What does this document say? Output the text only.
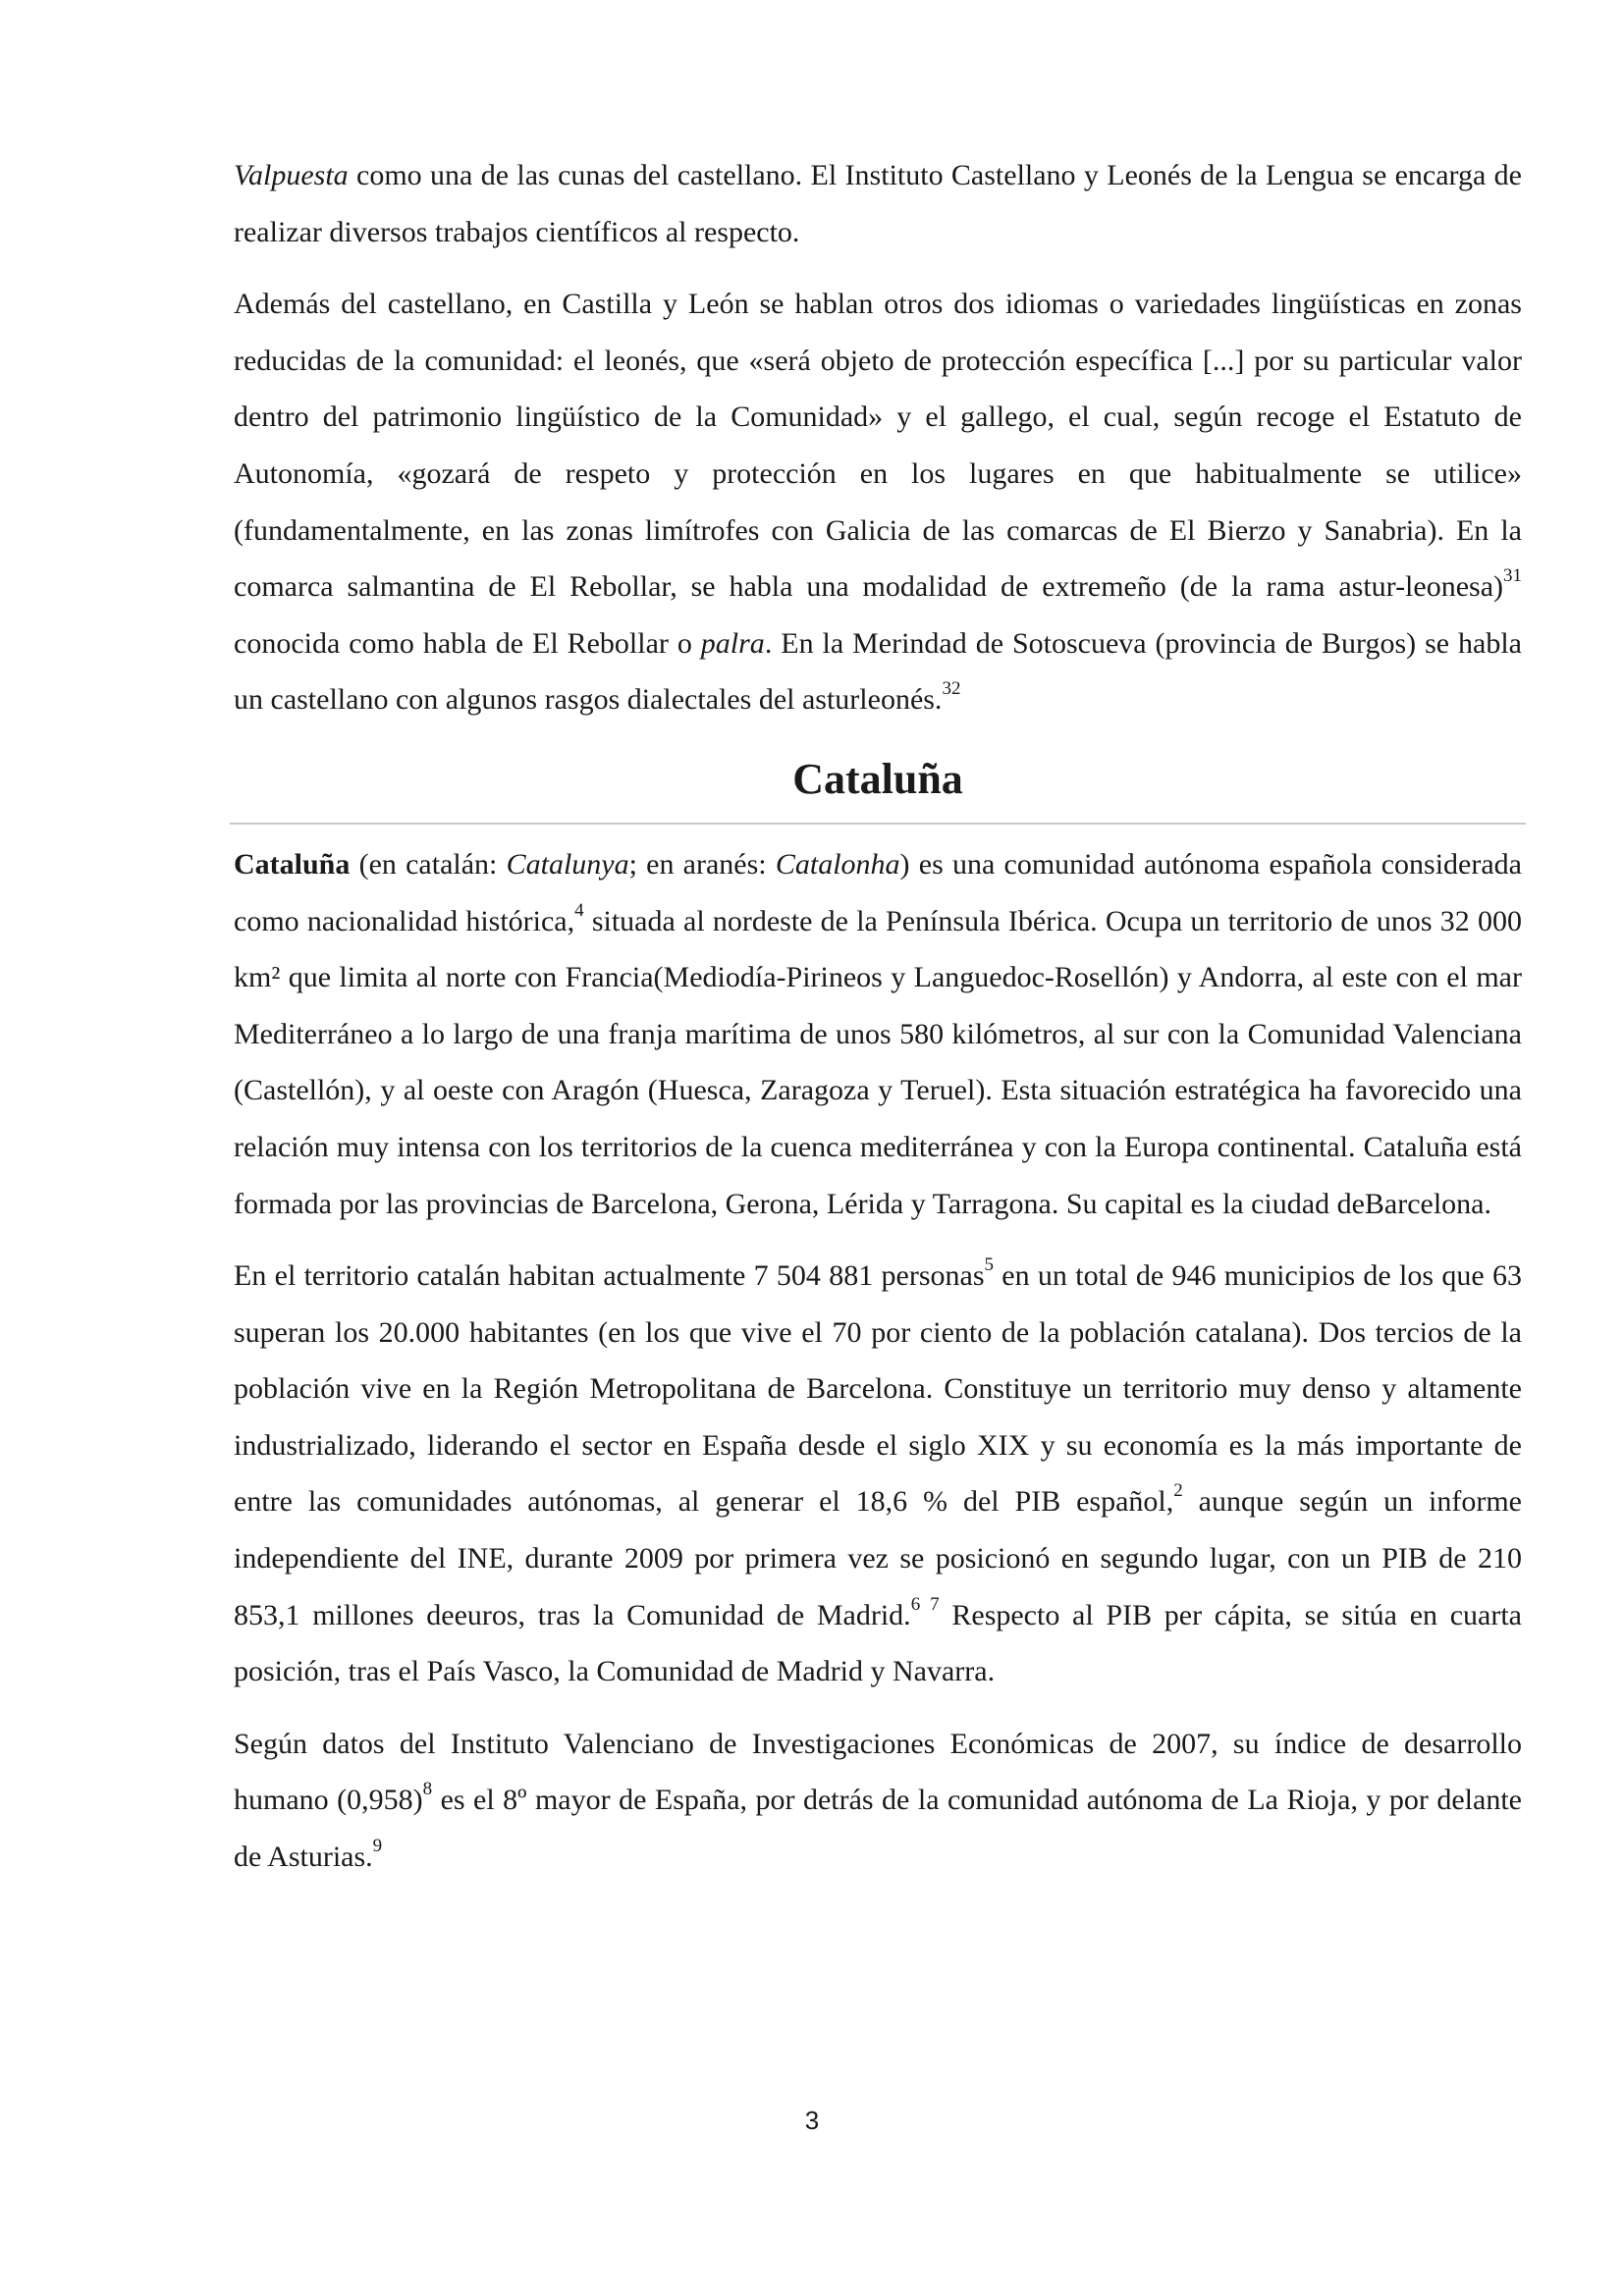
Valpuesta como una de las cunas del castellano. El Instituto Castellano y Leonés de la Lengua se encarga de realizar diversos trabajos científicos al respecto.

Además del castellano, en Castilla y León se hablan otros dos idiomas o variedades lingüísticas en zonas reducidas de la comunidad: el leonés, que «será objeto de protección específica [...] por su particular valor dentro del patrimonio lingüístico de la Comunidad» y el gallego, el cual, según recoge el Estatuto de Autonomía, «gozará de respeto y protección en los lugares en que habitualmente se utilice» (fundamentalmente, en las zonas limítrofes con Galicia de las comarcas de El Bierzo y Sanabria). En la comarca salmantina de El Rebollar, se habla una modalidad de extremeño (de la rama astur-leonesa)$^{31}$ conocida como habla de El Rebollar o palra. En la Merindad de Sotoscueva (provincia de Burgos) se habla un castellano con algunos rasgos dialectales del asturleonés.$^{32}$

Cataluña

Cataluña (en catalán: Catalunya; en aranés: Catalonha) es una comunidad autónoma española considerada como nacionalidad histórica,$^4$ situada al nordeste de la Península Ibérica. Ocupa un territorio de unos 32 000 km² que limita al norte con Francia(Mediodía-Pirineos y Languedoc-Rosellón) y Andorra, al este con el mar Mediterráneo a lo largo de una franja marítima de unos 580 kilómetros, al sur con la Comunidad Valenciana (Castellón), y al oeste con Aragón (Huesca, Zaragoza y Teruel). Esta situación estratégica ha favorecido una relación muy intensa con los territorios de la cuenca mediterránea y con la Europa continental. Cataluña está formada por las provincias de Barcelona, Gerona, Lérida y Tarragona. Su capital es la ciudad deBarcelona.

En el territorio catalán habitan actualmente 7 504 881 personas$^5$ en un total de 946 municipios de los que 63 superan los 20.000 habitantes (en los que vive el 70 por ciento de la población catalana). Dos tercios de la población vive en la Región Metropolitana de Barcelona. Constituye un territorio muy denso y altamente industrializado, liderando el sector en España desde el siglo XIX y su economía es la más importante de entre las comunidades autónomas, al generar el 18,6 % del PIB español,$^2$ aunque según un informe independiente del INE, durante 2009 por primera vez se posicionó en segundo lugar, con un PIB de 210 853,1 millones deeuros, tras la Comunidad de Madrid.$^{6 7}$ Respecto al PIB per cápita, se sitúa en cuarta posición, tras el País Vasco, la Comunidad de Madrid y Navarra.

Según datos del Instituto Valenciano de Investigaciones Económicas de 2007, su índice de desarrollo humano $(0,958)^8$ es el 8º mayor de España, por detrás de la comunidad autónoma de La Rioja, y por delante de Asturias.$^9$

3
